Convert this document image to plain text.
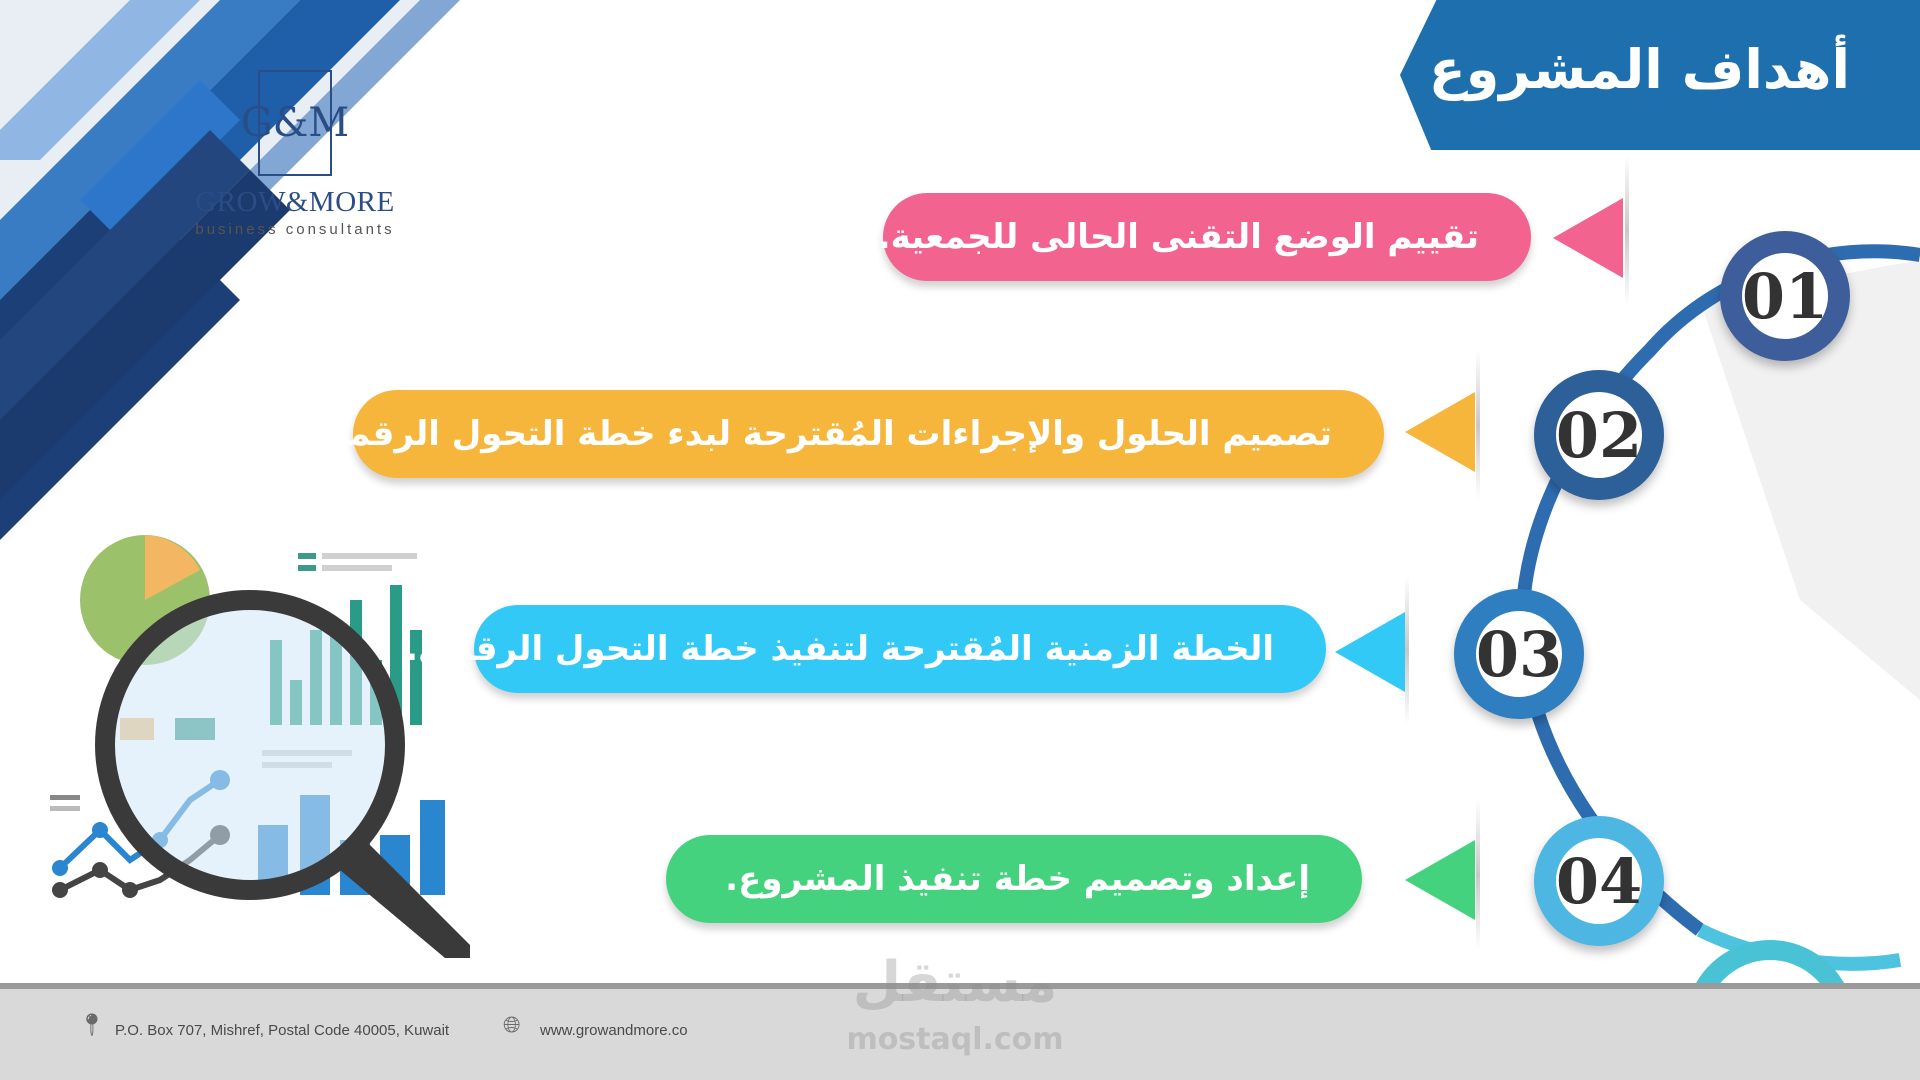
G&M
GROW&MORE
business consultants
أهداف المشروع
تقييم الوضع التقنى الحالى للجمعية.
01
تصميم الحلول والإجراءات المُقترحة لبدء خطة التحول الرقمي.	02
الخطة الزمنية المُقترحة لتنفيذ خطة التحول الرقمي.	03
إعداد وتصميم خطة تنفيذ المشروع.	04
📍︎ P.O. Box 707, Mishref, Postal Code 40005, Kuwait 🌐︎ www.growandmore.co
مستقل
mostaql.com
